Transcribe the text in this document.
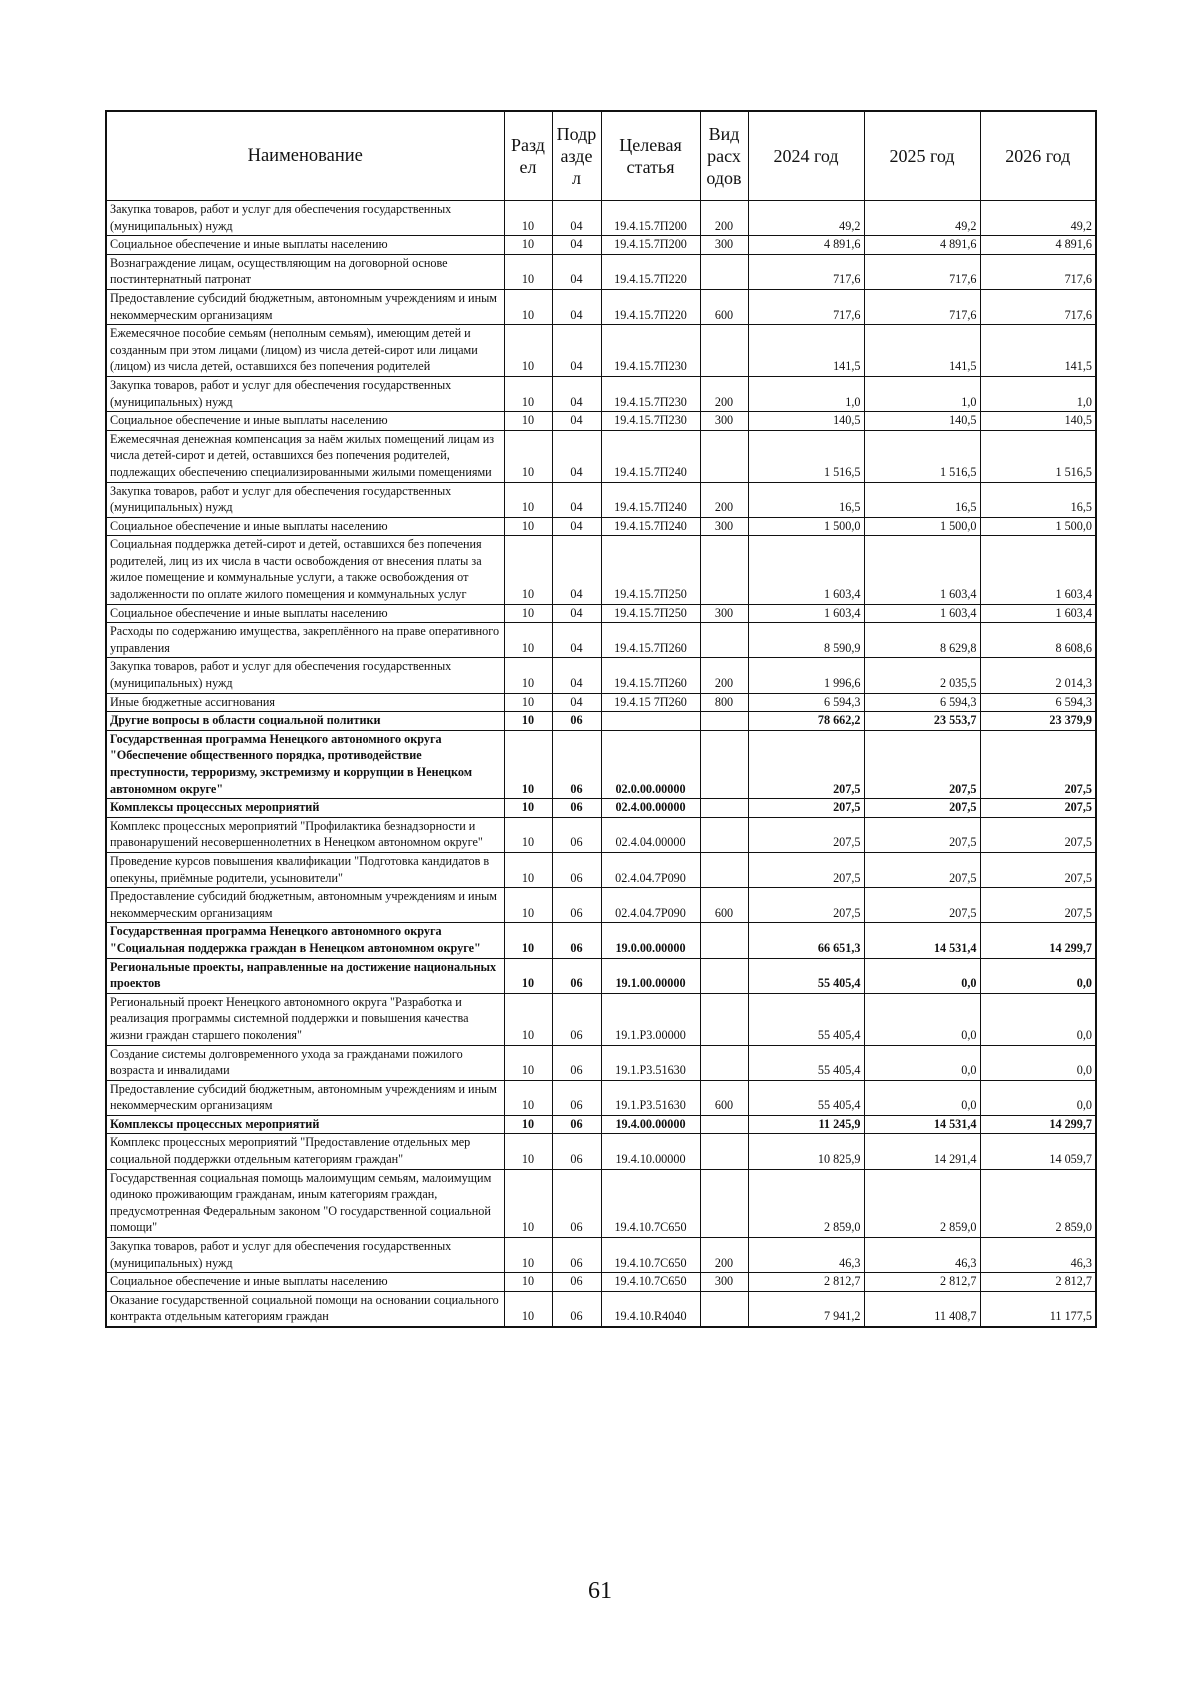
Наименование	Разд ел	Подр азде л	Целевая статья	Вид расх одов	2024 год	2025 год	2026 год
Закупка товаров, работ и услуг для обеспечения государственных (муниципальных) нужд	10	04	19.4.15.7П200	200	49,2	49,2	49,2
Социальное обеспечение и иные выплаты населению	10	04	19.4.15.7П200	300	4 891,6	4 891,6	4 891,6
Вознаграждение лицам, осуществляющим на договорной основе постинтернатный патронат	10	04	19.4.15.7П220		717,6	717,6	717,6
Предоставление субсидий бюджетным, автономным учреждениям и иным некоммерческим организациям	10	04	19.4.15.7П220	600	717,6	717,6	717,6
Ежемесячное пособие семьям (неполным семьям), имеющим детей и созданным при этом лицами (лицом) из числа детей-сирот или лицами (лицом) из числа детей, оставшихся без попечения родителей	10	04	19.4.15.7П230		141,5	141,5	141,5
Закупка товаров, работ и услуг для обеспечения государственных (муниципальных) нужд	10	04	19.4.15.7П230	200	1,0	1,0	1,0
Социальное обеспечение и иные выплаты населению	10	04	19.4.15.7П230	300	140,5	140,5	140,5
Ежемесячная денежная компенсация за наём жилых помещений лицам из числа детей-сирот и детей, оставшихся без попечения родителей, подлежащих обеспечению специализированными жилыми помещениями	10	04	19.4.15.7П240		1 516,5	1 516,5	1 516,5
Закупка товаров, работ и услуг для обеспечения государственных (муниципальных) нужд	10	04	19.4.15.7П240	200	16,5	16,5	16,5
Социальное обеспечение и иные выплаты населению	10	04	19.4.15.7П240	300	1 500,0	1 500,0	1 500,0
Социальная поддержка детей-сирот и детей, оставшихся без попечения родителей, лиц из их числа в части освобождения от внесения платы за жилое помещение и коммунальные услуги, а также освобождения от задолженности по оплате жилого помещения и коммунальных услуг	10	04	19.4.15.7П250		1 603,4	1 603,4	1 603,4
Социальное обеспечение и иные выплаты населению	10	04	19.4.15.7П250	300	1 603,4	1 603,4	1 603,4
Расходы по содержанию имущества, закреплённого на праве оперативного управления	10	04	19.4.15.7П260		8 590,9	8 629,8	8 608,6
Закупка товаров, работ и услуг для обеспечения государственных (муниципальных) нужд	10	04	19.4.15.7П260	200	1 996,6	2 035,5	2 014,3
Иные бюджетные ассигнования	10	04	19.4.15 7П260	800	6 594,3	6 594,3	6 594,3
Другие вопросы в области социальной политики	10	06			78 662,2	23 553,7	23 379,9
Государственная программа Ненецкого автономного округа "Обеспечение общественного порядка, противодействие преступности, терроризму, экстремизму и коррупции в Ненецком автономном округе"	10	06	02.0.00.00000		207,5	207,5	207,5
Комплексы процессных мероприятий	10	06	02.4.00.00000		207,5	207,5	207,5
Комплекс процессных мероприятий "Профилактика безнадзорности и правонарушений несовершеннолетних в Ненецком автономном округе"	10	06	02.4.04.00000		207,5	207,5	207,5
Проведение курсов повышения квалификации "Подготовка кандидатов в опекуны, приёмные родители, усыновители"	10	06	02.4.04.7Р090		207,5	207,5	207,5
Предоставление субсидий бюджетным, автономным учреждениям и иным некоммерческим организациям	10	06	02.4.04.7Р090	600	207,5	207,5	207,5
Государственная программа Ненецкого автономного округа "Социальная поддержка граждан в Ненецком автономном округе"	10	06	19.0.00.00000		66 651,3	14 531,4	14 299,7
Региональные проекты, направленные на достижение национальных проектов	10	06	19.1.00.00000		55 405,4	0,0	0,0
Региональный проект Ненецкого автономного округа "Разработка и реализация программы системной поддержки и повышения качества жизни граждан старшего поколения"	10	06	19.1.Р3.00000		55 405,4	0,0	0,0
Создание системы долговременного ухода за гражданами пожилого возраста и инвалидами	10	06	19.1.Р3.51630		55 405,4	0,0	0,0
Предоставление субсидий бюджетным, автономным учреждениям и иным некоммерческим организациям	10	06	19.1.Р3.51630	600	55 405,4	0,0	0,0
Комплексы процессных мероприятий	10	06	19.4.00.00000		11 245,9	14 531,4	14 299,7
Комплекс процессных мероприятий "Предоставление отдельных мер социальной поддержки отдельным категориям граждан"	10	06	19.4.10.00000		10 825,9	14 291,4	14 059,7
Государственная социальная помощь малоимущим семьям, малоимущим одиноко проживающим гражданам, иным категориям граждан, предусмотренная Федеральным законом "О государственной социальной помощи"	10	06	19.4.10.7С650		2 859,0	2 859,0	2 859,0
Закупка товаров, работ и услуг для обеспечения государственных (муниципальных) нужд	10	06	19.4.10.7С650	200	46,3	46,3	46,3
Социальное обеспечение и иные выплаты населению	10	06	19.4.10.7С650	300	2 812,7	2 812,7	2 812,7
Оказание государственной социальной помощи на основании социального контракта отдельным категориям граждан	10	06	19.4.10.R4040		7 941,2	11 408,7	11 177,5
61
